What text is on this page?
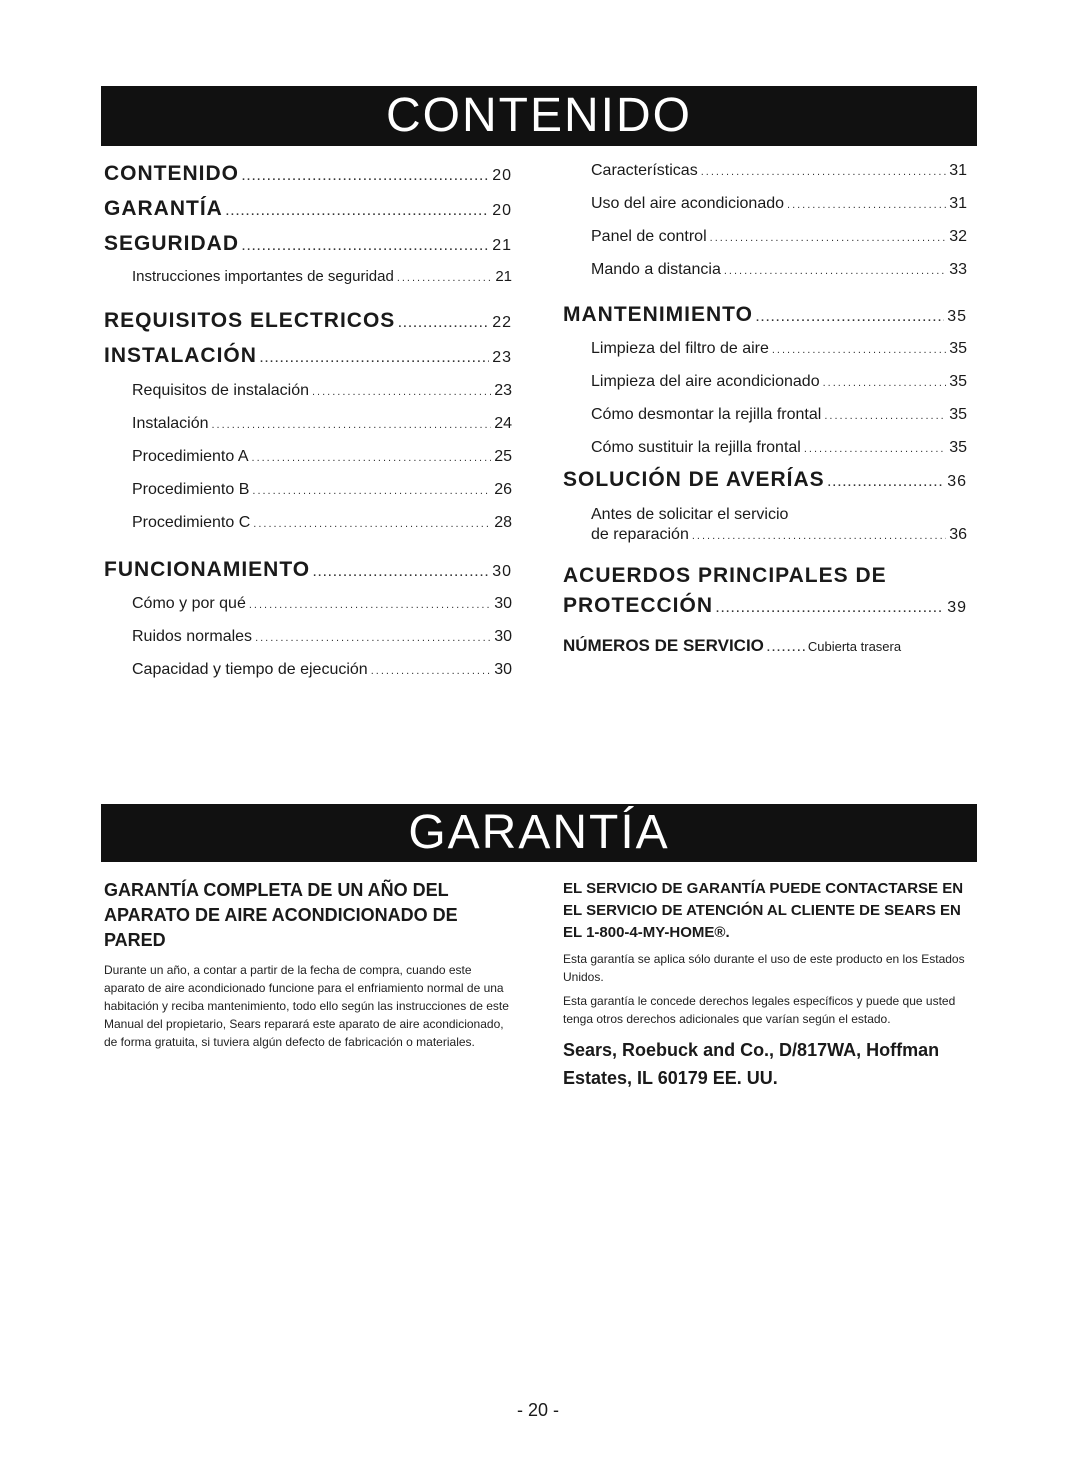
CONTENIDO
CONTENIDO .....	20
GARANTÍA .....	20
SEGURIDAD .....	21
Instrucciones importantes de seguridad .....	21
REQUISITOS ELECTRICOS .....	22
INSTALACIÓN .....	23
Requisitos de instalación .....	23
Instalación .....	24
Procedimiento A .....	25
Procedimiento B .....	26
Procedimiento C .....	28
FUNCIONAMIENTO .....	30
Cómo y por qué .....	30
Ruidos normales .....	30
Capacidad y tiempo de ejecución .....	30
Características .....	31
Uso del aire acondicionado .....	31
Panel de control .....	32
Mando a distancia .....	33
MANTENIMIENTO .....	35
Limpieza del filtro de aire .....	35
Limpieza del aire acondicionado .....	35
Cómo desmontar la rejilla frontal .....	35
Cómo sustituir la rejilla frontal .....	35
SOLUCIÓN DE AVERÍAS .....	36
Antes de solicitar el servicio
de reparación .....	36
ACUERDOS PRINCIPALES DE
PROTECCIÓN .....	39
NÚMEROS DE SERVICIO .....	Cubierta trasera
GARANTÍA
GARANTÍA COMPLETA DE UN AÑO DEL APARATO DE AIRE ACONDICIONADO DE PARED

Durante un año, a contar a partir de la fecha de compra, cuando este aparato de aire acondicionado funcione para el enfriamiento normal de una habitación y reciba mantenimiento, todo ello según las instrucciones de este Manual del propietario, Sears reparará este aparato de aire acondicionado, de forma gratuita, si tuviera algún defecto de fabricación o materiales.

EL SERVICIO DE GARANTÍA PUEDE CONTACTARSE EN EL SERVICIO DE ATENCIÓN AL CLIENTE DE SEARS EN EL 1-800-4-MY-HOME®.

Esta garantía se aplica sólo durante el uso de este producto en los Estados Unidos.

Esta garantía le concede derechos legales específicos y puede que usted tenga otros derechos adicionales que varían según el estado.

Sears, Roebuck and Co., D/817WA, Hoffman Estates, IL 60179 EE. UU.

- 20 -
